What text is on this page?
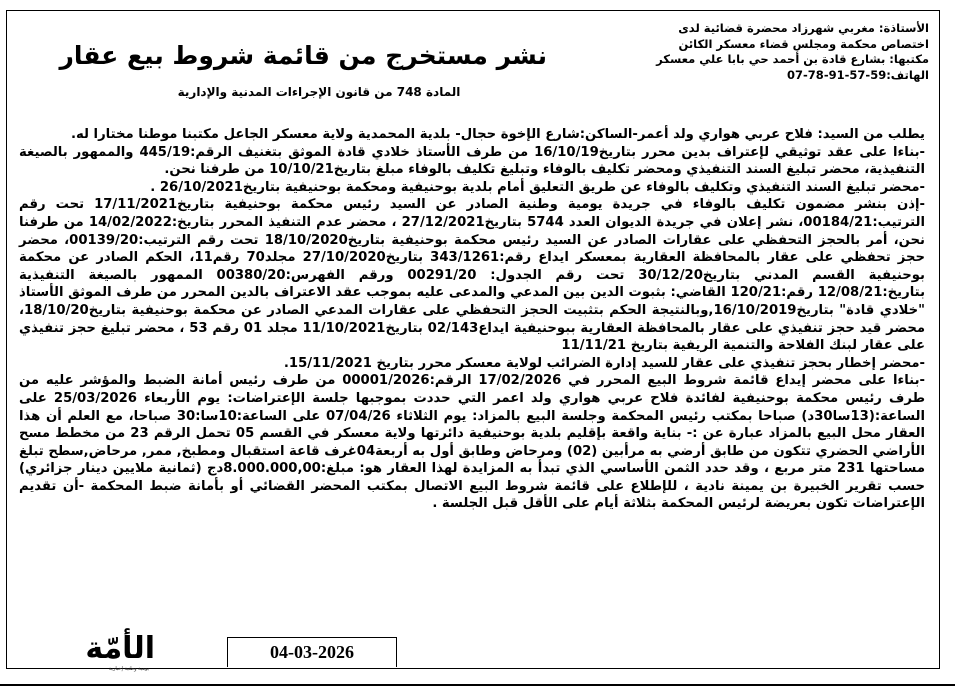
الأستاذة: مغربي شهرزاد محضرة قضائية لدى
اختصاص محكمة ومجلس قضاء معسكر الكائن
مكتبها: بشارع قادة بن أحمد حي بابا علي معسكر
الهاتف:59-57-91-78-07
نشر مستخرج من قائمة شروط بيع عقار
المادة 748 من قانون الإجراءات المدنية والإدارية

يطلب من السيد: فلاح عربي هواري ولد أعمر-الساكن:شارع الإخوة حجال- بلدية المحمدية ولاية معسكر الجاعل مكتبنا موطنا مختارا له.

-بناءا على عقد توثيقي لإعتراف بدين محرر بتاريخ16/10/19 من طرف الأستاذ خلادي قادة الموثق بتغنيف الرقم:445/19 والممهور بالصيغة التنفيذية، محضر تبليغ السند التنفيذي ومحضر تكليف بالوفاء وتبليغ تكليف بالوفاء مبلغ بتاريخ10/10/21 من طرفنا نحن.

-محضر تبليغ السند التنفيذي وتكليف بالوفاء عن طريق التعليق أمام بلدية بوحنيفية ومحكمة بوحنيفية بتاريخ26/10/2021 .

-إذن بنشر مضمون تكليف بالوفاء في جريدة يومية وطنية الصادر عن السيد رئيس محكمة بوحنيفية بتاريخ17/11/2021 تحت رقم الترتيب:00184/21، نشر إعلان في جريدة الديوان العدد 5744 بتاريخ27/12/2021 ، محضر عدم التنفيذ المحرر بتاريخ:14/02/2022 من طرفنا نحن، أمر بالحجز التحفظي على عقارات الصادر عن السيد رئيس محكمة بوحنيفية بتاريخ18/10/2020 تحت رقم الترتيب:00139/20، محضر حجز تحفظي على عقار بالمحافظة العقارية بمعسكر ايداع رقم:343/1261 بتاريخ27/10/2020 مجلد70 رقم11، الحكم الصادر عن محكمة بوحنيفية القسم المدني بتاريخ30/12/20 تحت رقم الجدول: 00291/20 ورقم الفهرس:00380/20 الممهور بالصيغة التنفيذية بتاريخ:12/08/21 رقم:120/21 القاضي: بثبوت الدين بين المدعي والمدعى عليه بموجب عقد الاعتراف بالدين المحرر من طرف الموثق الأستاذ "خلادي قادة" بتاريخ16/10/2019,وبالنتيجة الحكم بتثبيت الحجز التحفظي على عقارات المدعي الصادر عن محكمة بوحنيفية بتاريخ18/10/20، محضر قيد حجز تنفيذي على عقار بالمحافظة العقارية ببوحنيفية ايداع02/143 بتاريخ11/10/2021 مجلد 01 رقم 53 ، محضر تبليغ حجز تنفيذي على عقار لبنك الفلاحة والتنمية الريفية بتاريخ 11/11/21

-محضر إخطار بحجز تنفيذي على عقار للسيد إدارة الضرائب لولاية معسكر محرر بتاريخ 15/11/2021.

-بناءا على محضر إيداع قائمة شروط البيع المحرر في 17/02/2026 الرقم:00001/2026 من طرف رئيس أمانة الضبط والمؤشر عليه من طرف رئيس محكمة بوحنيفية لفائدة فلاح عربي هواري ولد اعمر التي حددت بموجبها جلسة الإعتراضات: يوم الأربعاء 25/03/2026 على الساعة:(13سا30د) صباحا بمكتب رئيس المحكمة وجلسة البيع بالمزاد: يوم الثلاثاء 07/04/26 على الساعة:10سا:30 صباحا، مع العلم أن هذا العقار محل البيع بالمزاد عبارة عن :- بناية واقعة بإقليم بلدية بوحنيفية دائرتها ولاية معسكر في القسم 05 تحمل الرقم 23 من مخطط مسح الأراضي الحضري تتكون من طابق أرضي به مرأبين (02) ومرحاض وطابق أول به أربعة04غرف قاعة استقبال ومطبخ, ممر, مرحاض,سطح تبلغ مساحتها 231 متر مربع ، وقد حدد الثمن الأساسي الذي تبدأ به المزايدة لهذا العقار هو: مبلغ:8.000.000,00دج (ثمانية ملايين دينار جزائري) حسب تقرير الخبيرة بن يمينة نادية ، للإطلاع على قائمة شروط البيع الاتصال بمكتب المحضر القضائي أو بأمانة ضبط المحكمة -أن تقديم الإعتراضات تكون بعريضة لرئيس المحكمة بثلاثة أيام على الأقل قبل الجلسة .

04-03-2026
الأمّة
يومية وطنية إخبارية
